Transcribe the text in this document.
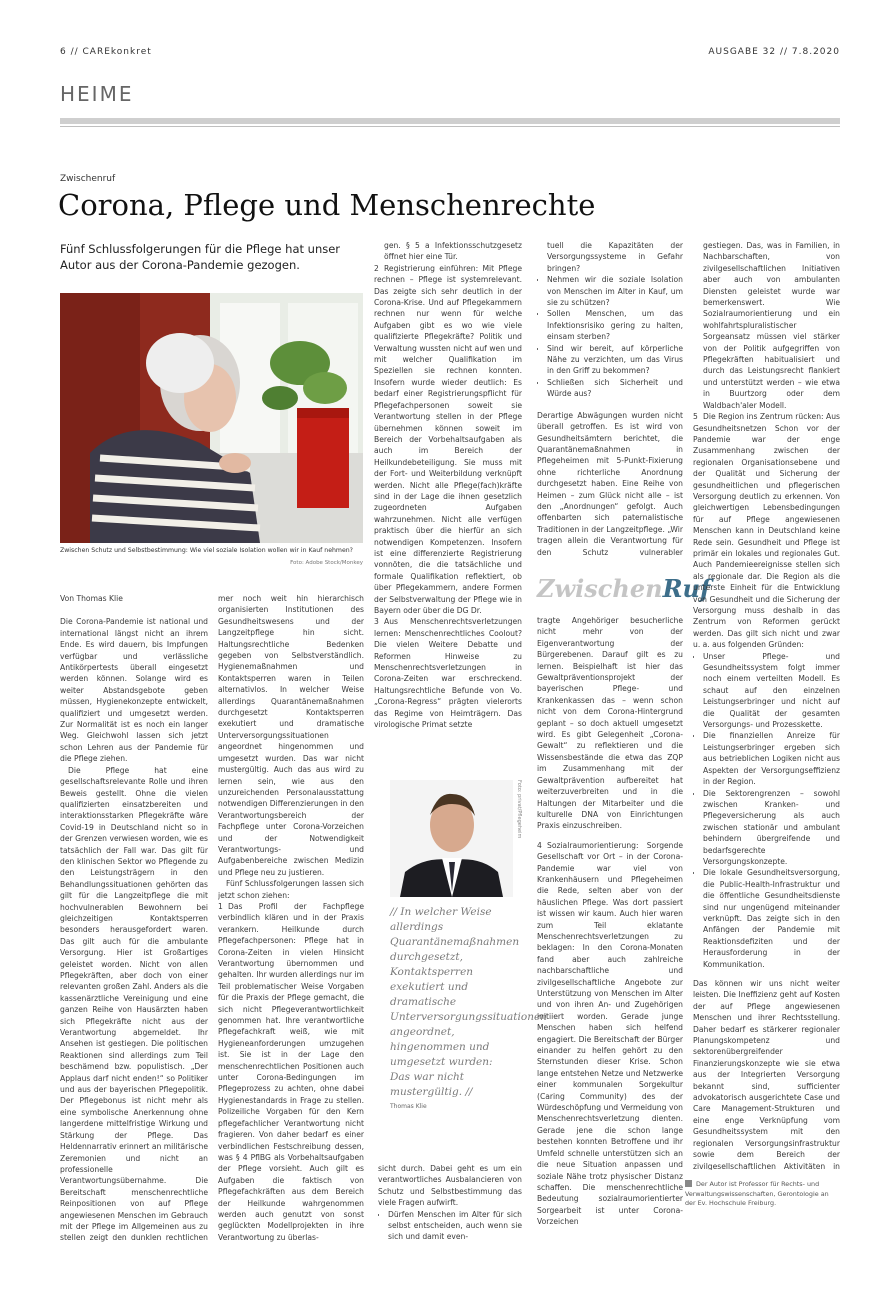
6 // CAREkonkret	AUSGABE 32 // 7.8.2020
HEIME
Zwischenruf
Corona, Pflege und Menschenrechte
Fünf Schlussfolgerungen für die Pflege hat unser Autor aus der Corona-Pandemie gezogen.
Zwischen Schutz und Selbstbestimmung: Wie viel soziale Isolation wollen wir in Kauf nehmen?
Foto: Adobe Stock/Monkey

Von Thomas Klie

Die Corona-Pandemie ist national und international längst nicht an ihrem Ende. Es wird dauern, bis Impfungen verfügbar und verlässliche Antikörpertests überall eingesetzt werden können. Solange wird es weiter Abstandsgebote geben müssen, Hygienekonzepte entwickelt, qualifiziert und umgesetzt werden. Zur Normalität ist es noch ein langer Weg. Gleichwohl lassen sich jetzt schon Lehren aus der Pandemie für die Pflege ziehen.

Die Pflege hat eine gesellschaftsrelevante Rolle und ihren Beweis gestellt. Ohne die vielen qualifizierten einsatzbereiten und interaktionsstarken Pflegekräfte wäre Covid-19 in Deutschland nicht so in der Grenzen verwiesen worden, wie es tatsächlich der Fall war. Das gilt für den klinischen Sektor wo Pflegende zu den Leistungsträgern in den Behandlungssituationen gehörten das gilt für die Langzeitpflege die mit hochvulnerablen Bewohnern bei gleichzeitigen Kontaktsperren besonders herausgefordert waren. Das gilt auch für die ambulante Versorgung. Hier ist Großartiges geleistet worden. Nicht von allen Pflegekräften, aber doch von einer relevanten großen Zahl. Anders als die kassenärztliche Vereinigung und eine ganzen Reihe von Hausärzten haben sich Pflegekräfte nicht aus der Verantwortung abgemeldet. Ihr Ansehen ist gestiegen. Die politischen Reaktionen sind allerdings zum Teil beschämend bzw. populistisch. „Der Applaus darf nicht enden!“ so Politiker und aus der bayerischen Pflegepolitik. Der Pflegebonus ist nicht mehr als eine symbolische Anerkennung ohne langerdene mittelfristige Wirkung und Stärkung der Pflege. Das Heldennarrativ erinnert an militärische Zeremonien und nicht an professionelle Verantwortungsübernahme. Die Bereitschaft menschenrechtliche Reinpositionen von auf Pflege angewiesenen Menschen im Gebrauch mit der Pflege im Allgemeinen aus zu stellen zeigt den dunklen rechtlichen

mer noch weit hin hierarchisch organisierten Institutionen des Gesundheitswesens und der Langzeitpflege hin sicht. Haltungsrechtliche Bedenken gegeben von Selbstverständlich. Hygienemaßnahmen und Kontaktsperren waren in Teilen alternativlos. In welcher Weise allerdings Quarantänemaßnahmen durchgesetzt Kontaktsperren exekutiert und dramatische Unterversorgungssituationen angeordnet hingenommen und umgesetzt wurden. Das war nicht mustergültig. Auch das aus wird zu lernen sein, wie aus den unzureichenden Personalausstattung notwendigen Differenzierungen in den Verantwortungsbereich der Fachpflege unter Corona-Vorzeichen und der Notwendigkeit Verantwortungs- und Aufgabenbereiche zwischen Medizin und Pflege neu zu justieren.

Fünf Schlussfolgerungen lassen sich jetzt schon ziehen:

1 Das Profil der Fachpflege verbindlich klären und in der Praxis verankern. Heilkunde durch Pflegefachpersonen: Pflege hat in Corona-Zeiten in vielen Hinsicht Verantwortung übernommen und gehalten. Ihr wurden allerdings nur im Teil problematischer Weise Vorgaben für die Praxis der Pflege gemacht, die sich nicht Pflegeverantwortlichkeit genommen hat. Ihre verantwortliche Pflegefachkraft weiß, wie mit Hygieneanforderungen umzugehen ist. Sie ist in der Lage den menschenrechtlichen Positionen auch unter Corona-Bedingungen im Pflegeprozess zu achten, ohne dabei Hygienestandards in Frage zu stellen. Polizeiliche Vorgaben für den Kern pflegefachlicher Verantwortung nicht fragieren. Von daher bedarf es einer verbindlichen Festschreibung dessen, was § 4 PflBG als Vorbehaltsaufgaben der Pflege vorsieht. Auch gilt es Aufgaben die faktisch von Pflegefachkräften aus dem Bereich der Heilkunde wahrgenommen werden auch genutzt von sonst geglückten Modellprojekten in ihre Verantwortung zu überlas-

gen. § 5 a Infektionsschutzgesetz öffnet hier eine Tür.

2 Registrierung einführen: Mit Pflege rechnen – Pflege ist systemrelevant. Das zeigte sich sehr deutlich in der Corona-Krise. Und auf Pflegekammern rechnen nur wenn für welche Aufgaben gibt es wo wie viele qualifizierte Pflegekräfte? Politik und Verwaltung wussten nicht auf wen und mit welcher Qualifikation im Speziellen sie rechnen konnten. Insofern wurde wieder deutlich: Es bedarf einer Registrierungspflicht für Pflegefachpersonen soweit sie Verantwortung stellen in der Pflege übernehmen können soweit im Bereich der Vorbehaltsaufgaben als auch im Bereich der Heilkundebeteiligung. Sie muss mit der Fort- und Weiterbildung verknüpft werden. Nicht alle Pflege(fach)kräfte sind in der Lage die ihnen gesetzlich zugeordneten Aufgaben wahrzunehmen. Nicht alle verfügen praktisch über die hierfür an sich notwendigen Kompetenzen. Insofern ist eine differenzierte Registrierung vonnöten, die die tatsächliche und formale Qualifikation reflektiert, ob über Pflegekammern, andere Formen der Selbstverwaltung der Pflege wie in Bayern oder über die DG Dr.

3 Aus Menschenrechtsverletzungen lernen: Menschenrechtliches Coolout? Die vielen Weitere Debatte und Reformen Hinweise zu Menschenrechtsverletzungen in Corona-Zeiten war erschreckend. Haltungsrechtliche Befunde von Vo. „Corona-Regress“ prägten vielerorts das Regime von Heimträgern. Das virologische Primat setzte

Foto: privat/Pflegeheim
// In welcher Weise allerdings Quarantänemaßnahmen durchgesetzt, Kontaktsperren exekutiert und dramatische Unterversorgungssituationen angeordnet, hingenommen und umgesetzt wurden: Das war nicht mustergültig. //
Thomas Klie

sicht durch. Dabei geht es um ein verantwortliches Ausbalancieren von Schutz und Selbstbestimmung das viele Fragen aufwirft.

• Dürfen Menschen im Alter für sich selbst entscheiden, auch wenn sie sich und damit even-

tuell die Kapazitäten der Versorgungssysteme in Gefahr bringen?

• Nehmen wir die soziale Isolation von Menschen im Alter in Kauf, um sie zu schützen?
• Sollen Menschen, um das Infektionsrisiko gering zu halten, einsam sterben?
• Sind wir bereit, auf körperliche Nähe zu verzichten, um das Virus in den Griff zu bekommen?
• Schließen sich Sicherheit und Würde aus?

Derartige Abwägungen wurden nicht überall getroffen. Es ist wird von Gesundheitsämtern berichtet, die Quarantänemaßnahmen in Pflegeheimen mit 5-Punkt-Fixierung ohne richterliche Anordnung durchgesetzt haben. Eine Reihe von Heimen – zum Glück nicht alle – ist den „Anordnungen“ gefolgt. Auch offenbarten sich paternalistische Traditionen in der Langzeitpflege. „Wir tragen allein die Verantwortung für den Schutz vulnerabler

ZwischenRuf

tragte Angehöriger besucherliche nicht mehr von der Eigenverantwortung der Bürgerebenen. Darauf gilt es zu lernen. Beispielhaft ist hier das Gewaltpräventionsprojekt der bayerischen Pflege- und Krankenkassen das – wenn schon nicht von dem Corona-Hintergrund geplant – so doch aktuell umgesetzt wird. Es gibt Gelegenheit „Corona-Gewalt“ zu reflektieren und die Wissensbestände die etwa das ZQP im Zusammenhang mit der Gewaltprävention aufbereitet hat weiterzuverbreiten und in die Haltungen der Mitarbeiter und die kulturelle DNA von Einrichtungen Praxis einzuschreiben.

4 Sozialraumorientierung: Sorgende Gesellschaft vor Ort – in der Corona-Pandemie war viel von Krankenhäusern und Pflegeheimen die Rede, selten aber von der häuslichen Pflege. Was dort passiert ist wissen wir kaum. Auch hier waren zum Teil eklatante Menschenrechtsverletzungen zu beklagen: In den Corona-Monaten fand aber auch zahlreiche nachbarschaftliche und zivilgesellschaftliche Angebote zur Unterstützung von Menschen im Alter und von ihren An- und Zugehörigen initiiert worden. Gerade junge Menschen haben sich helfend engagiert. Die Bereitschaft der Bürger einander zu helfen gehört zu den Sternstunden dieser Krise. Schon lange entstehen Netze und Netzwerke einer kommunalen Sorgekultur (Caring Community) des der Würdeschöpfung und Vermeidung von Menschenrechtsverletzung dienten. Gerade jene die schon lange bestehen konnten Betroffene und ihr Umfeld schnelle unterstützen sich an die neue Situation anpassen und soziale Nähe trotz physischer Distanz schaffen. Die menschenrechtliche Bedeutung sozialraumorientierter Sorgearbeit ist unter Corona-Vorzeichen

gestiegen. Das, was in Familien, in Nachbarschaften, von zivilgesellschaftlichen Initiativen aber auch von ambulanten Diensten geleistet wurde war bemerkenswert. Wie Sozialraumorientierung und ein wohlfahrtspluralistischer Sorgeansatz müssen viel stärker von der Politik aufgegriffen von Pflegekräften habitualisiert und durch das Leistungsrecht flankiert und unterstützt werden – wie etwa in Buurtzorg oder dem Waldbach'aler Modell.

5 Die Region ins Zentrum rücken: Aus Gesundheitsnetzen Schon vor der Pandemie war der enge Zusammenhang zwischen der regionalen Organisationsebene und der Qualität und Sicherung der gesundheitlichen und pflegerischen Versorgung deutlich zu erkennen. Von gleichwertigen Lebensbedingungen für auf Pflege angewiesenen Menschen kann in Deutschland keine Rede sein. Gesundheit und Pflege ist primär ein lokales und regionales Gut. Auch Pandemieereignisse stellen sich als regionale dar. Die Region als die unterste Einheit für die Entwicklung von Gesundheit und die Sicherung der Versorgung muss deshalb in das Zentrum von Reformen gerückt werden. Das gilt sich nicht und zwar u. a. aus folgenden Gründen:

• Unser Pflege- und Gesundheitssystem folgt immer noch einem verteilten Modell. Es schaut auf den einzelnen Leistungserbringer und nicht auf die Qualität der gesamten Versorgungs- und Prozesskette.
• Die finanziellen Anreize für Leistungserbringer ergeben sich aus betrieblichen Logiken nicht aus Aspekten der Versorgungseffizienz in der Region.
• Die Sektorengrenzen – sowohl zwischen Kranken- und Pflegeversicherung als auch zwischen stationär und ambulant behindern übergreifende und bedarfsgerechte Versorgungskonzepte.
• Die lokale Gesundheitsversorgung, die Public-Health-Infrastruktur und die öffentliche Gesundheitsdienste sind nur ungenügend miteinander verknüpft. Das zeigte sich in den Anfängen der Pandemie mit Reaktionsdefiziten und der Herausforderung in der Kommunikation.

Das können wir uns nicht weiter leisten. Die Ineffizienz geht auf Kosten der auf Pflege angewiesenen Menschen und ihrer Rechtsstellung. Daher bedarf es stärkerer regionaler Planungskompetenz und sektorenübergreifender Finanzierungskonzepte wie sie etwa aus der Integrierten Versorgung bekannt sind, sufficienter advokatorisch ausgerichtete Case und Care Management-Strukturen und eine enge Verknüpfung vom Gesundheitssystem mit den regionalen Versorgungsinfrastruktur sowie dem Bereich der zivilgesellschaftlichen Aktivitäten in

Der Autor ist Professor für Rechts- und Verwaltungswissenschaften, Gerontologie an der Ev. Hochschule Freiburg.
